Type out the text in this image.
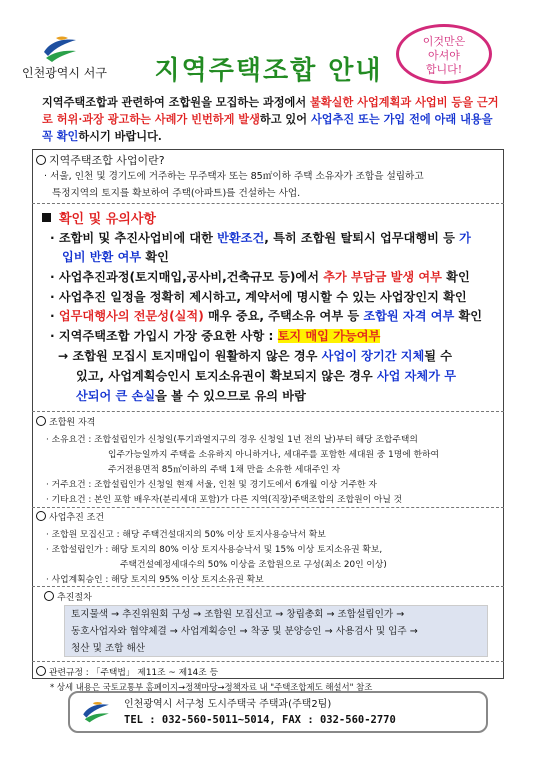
인천광역시 서구	지역주택조합 안내
이것만은
아셔야
합니다!
지역주택조합과 관련하여 조합원을 모집하는 과정에서 불확실한 사업계획과 사업비 등을 근거로 허위·과장 광고하는 사례가 빈번하게 발생하고 있어 사업추진 또는 가입 전에 아래 내용을 꼭 확인하시기 바랍니다.
지역주택조합 사업이란?
· 서울, 인천 및 경기도에 거주하는 무주택자 또는 85㎡이하 주택 소유자가 조합을 설립하고
특정지역의 토지를 확보하여 주택(아파트)를 건설하는 사업.
확인 및 유의사항
· 조합비 및 추진사업비에 대한 반환조건, 특히 조합원 탈퇴시 업무대행비 등 가
입비 반환 여부 확인
· 사업추진과정(토지매입,공사비,건축규모 등)에서 추가 부담금 발생 여부 확인
· 사업추진 일정을 정확히 제시하고, 계약서에 명시할 수 있는 사업장인지 확인
· 업무대행사의 전문성(실적) 매우 중요, 주택소유 여부 등 조합원 자격 여부 확인
· 지역주택조합 가입시 가장 중요한 사항 : 토지 매입 가능여부
→ 조합원 모집시 토지매입이 원활하지 않은 경우 사업이 장기간 지체될 수
있고, 사업계획승인시 토지소유권이 확보되지 않은 경우 사업 자체가 무
산되어 큰 손실을 볼 수 있으므로 유의 바람
조합원 자격
· 소유요건 : 조합설립인가 신청일(투기과열지구의 경우 신청일 1년 전의 날)부터 해당 조합주택의
입주가능일까지 주택을 소유하지 아니하거나, 세대주를 포함한 세대원 중 1명에 한하여
주거전용면적 85㎡이하의 주택 1채 만을 소유한 세대주인 자
· 거주요건 : 조합설립인가 신청일 현재 서울, 인천 및 경기도에서 6개월 이상 거주한 자
· 기타요건 : 본인 포함 배우자(분리세대 포함)가 다른 지역(직장)주택조합의 조합원이 아닐 것
사업추진 조건
· 조합원 모집신고 : 해당 주택건설대지의 50% 이상 토지사용승낙서 확보
· 조합설립인가 : 해당 토지의 80% 이상 토지사용승낙서 및 15% 이상 토지소유권 확보,
주택건설예정세대수의 50% 이상을 조합원으로 구성(최소 20인 이상)
· 사업계획승인 : 해당 토지의 95% 이상 토지소유권 확보
추진절차
토지물색 → 추진위원회 구성 → 조합원 모집신고 → 창립총회 → 조합설립인가 →
동호사업자와 협약체결 → 사업계획승인 → 착공 및 분양승인 → 사용검사 및 입주 →
청산 및 조합 해산
관련규정 : 「주택법」 제11조 ~ 제14조 등
* 상세 내용은 국토교통부 홈페이지→정책마당→정책자료 내 "주택조합제도 해설서" 참조
인천광역시 서구청 도시주택국 주택과(주택2팀)
TEL : 032-560-5011~5014, FAX : 032-560-2770
